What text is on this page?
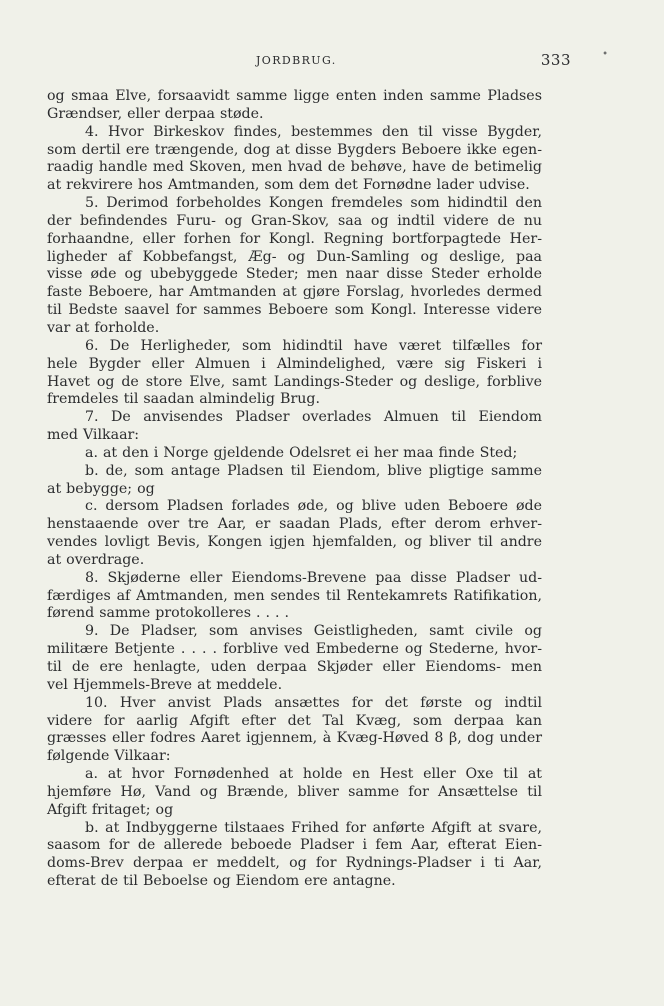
JORDBRUG.	333	•
og smaa Elve, forsaavidt samme ligge enten inden samme Pladses
Grændser, eller derpaa støde.
4. Hvor Birkeskov findes, bestemmes den til visse Bygder,
som dertil ere trængende, dog at disse Bygders Beboere ikke egen-
raadig handle med Skoven, men hvad de behøve, have de betimelig
at rekvirere hos Amtmanden, som dem det Fornødne lader udvise.
5. Derimod forbeholdes Kongen fremdeles som hidindtil den
der befindendes Furu- og Gran-Skov, saa og indtil videre de nu
forhaandne, eller forhen for Kongl. Regning bortforpagtede Her-
ligheder af Kobbefangst, Æg- og Dun-Samling og deslige, paa
visse øde og ubebyggede Steder; men naar disse Steder erholde
faste Beboere, har Amtmanden at gjøre Forslag, hvorledes dermed
til Bedste saavel for sammes Beboere som Kongl. Interesse videre
var at forholde.
6. De Herligheder, som hidindtil have været tilfælles for
hele Bygder eller Almuen i Almindelighed, være sig Fiskeri i
Havet og de store Elve, samt Landings-Steder og deslige, forblive
fremdeles til saadan almindelig Brug.
7. De anvisendes Pladser overlades Almuen til Eiendom
med Vilkaar:
a. at den i Norge gjeldende Odelsret ei her maa finde Sted;
b. de, som antage Pladsen til Eiendom, blive pligtige samme
at bebygge; og
c. dersom Pladsen forlades øde, og blive uden Beboere øde
henstaaende over tre Aar, er saadan Plads, efter derom erhver-
vendes lovligt Bevis, Kongen igjen hjemfalden, og bliver til andre
at overdrage.
8. Skjøderne eller Eiendoms-Brevene paa disse Pladser ud-
færdiges af Amtmanden, men sendes til Rentekamrets Ratifikation,
førend samme protokolleres . . . .
9. De Pladser, som anvises Geistligheden, samt civile og
militære Betjente . . . . forblive ved Embederne og Stederne, hvor-
til de ere henlagte, uden derpaa Skjøder eller Eiendoms- men
vel Hjemmels-Breve at meddele.
10. Hver anvist Plads ansættes for det første og indtil
videre for aarlig Afgift efter det Tal Kvæg, som derpaa kan
græsses eller fodres Aaret igjennem, à Kvæg-Høved 8 β, dog under
følgende Vilkaar:
a. at hvor Fornødenhed at holde en Hest eller Oxe til at
hjemføre Hø, Vand og Brænde, bliver samme for Ansættelse til
Afgift fritaget; og
b. at Indbyggerne tilstaaes Frihed for anførte Afgift at svare,
saasom for de allerede beboede Pladser i fem Aar, efterat Eien-
doms-Brev derpaa er meddelt, og for Rydnings-Pladser i ti Aar,
efterat de til Beboelse og Eiendom ere antagne.
